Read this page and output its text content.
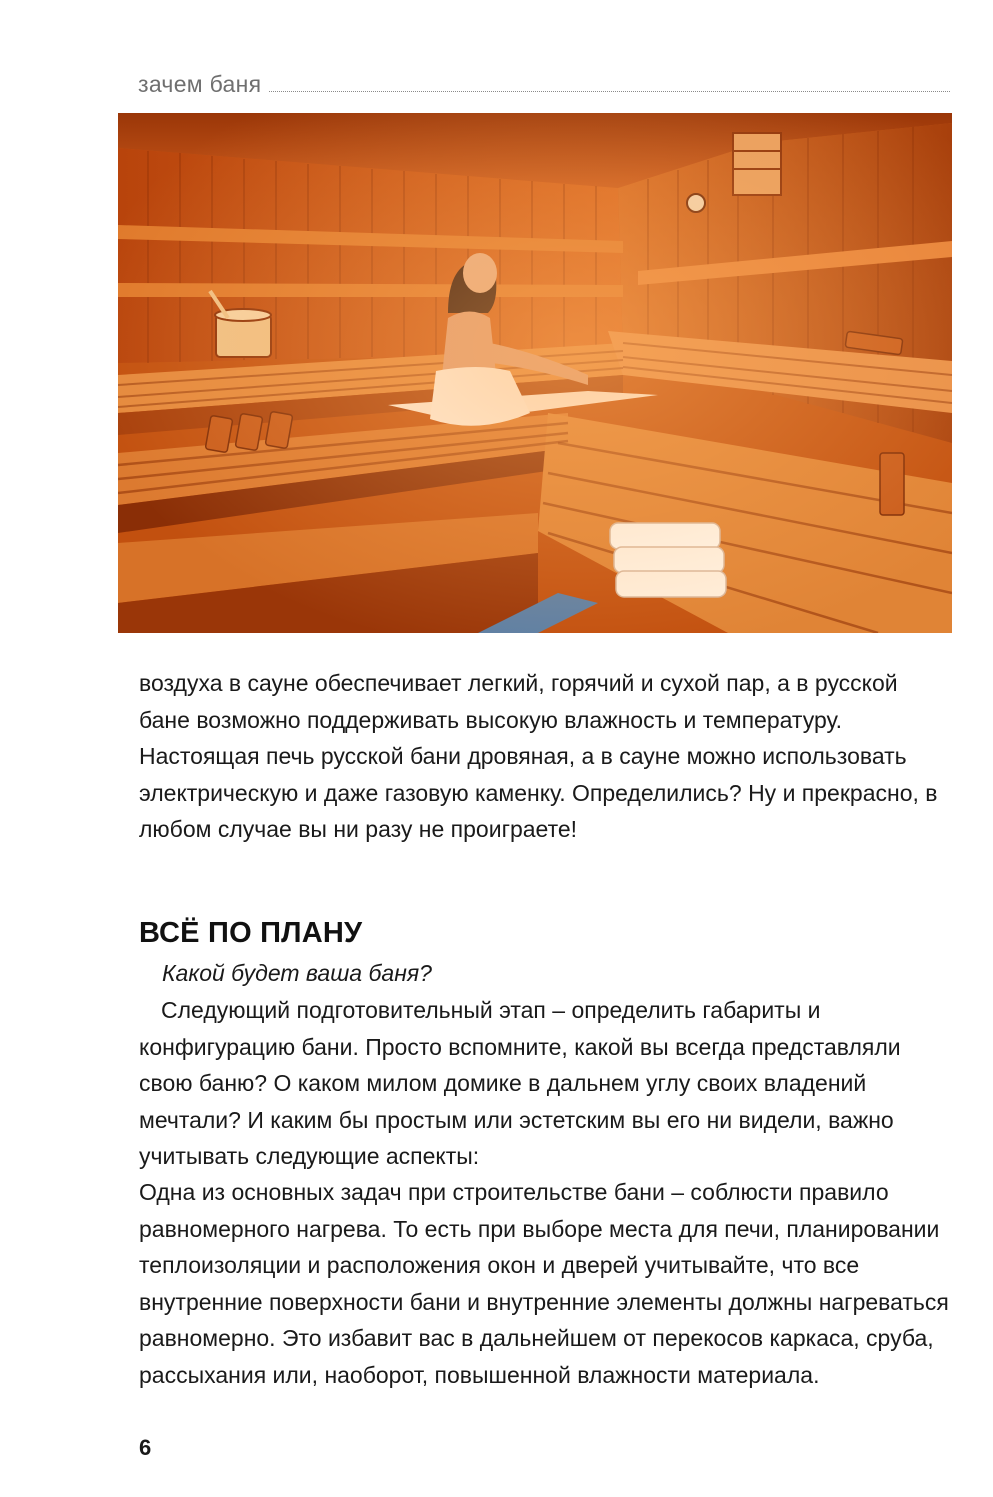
зачем баня

воздуха в сауне обеспечивает легкий, горячий и сухой пар, а в русской бане возможно поддерживать высокую влажность и температуру. Настоящая печь русской бани дровяная, а в сауне можно использовать электрическую и даже газовую каменку. Определились? Ну и прекрасно, в любом случае вы ни разу не проиграете!

ВСЁ ПО ПЛАНУ
Какой будет ваша баня?

Следующий подготовительный этап – определить габариты и конфигурацию бани. Просто вспомните, какой вы всегда представляли свою баню? О каком милом домике в дальнем углу своих владений мечтали? И каким бы простым или эстетским вы его ни видели, важно учитывать следующие аспекты:

Одна из основных задач при строительстве бани – соблюсти правило равномерного нагрева. То есть при выборе места для печи, планировании теплоизоляции и расположения окон и дверей учитывайте, что все внутренние поверхности бани и внутренние элементы должны нагреваться равномерно. Это избавит вас в дальнейшем от перекосов каркаса, сруба, рассыхания или, наоборот, повышенной влажности материала.

6
